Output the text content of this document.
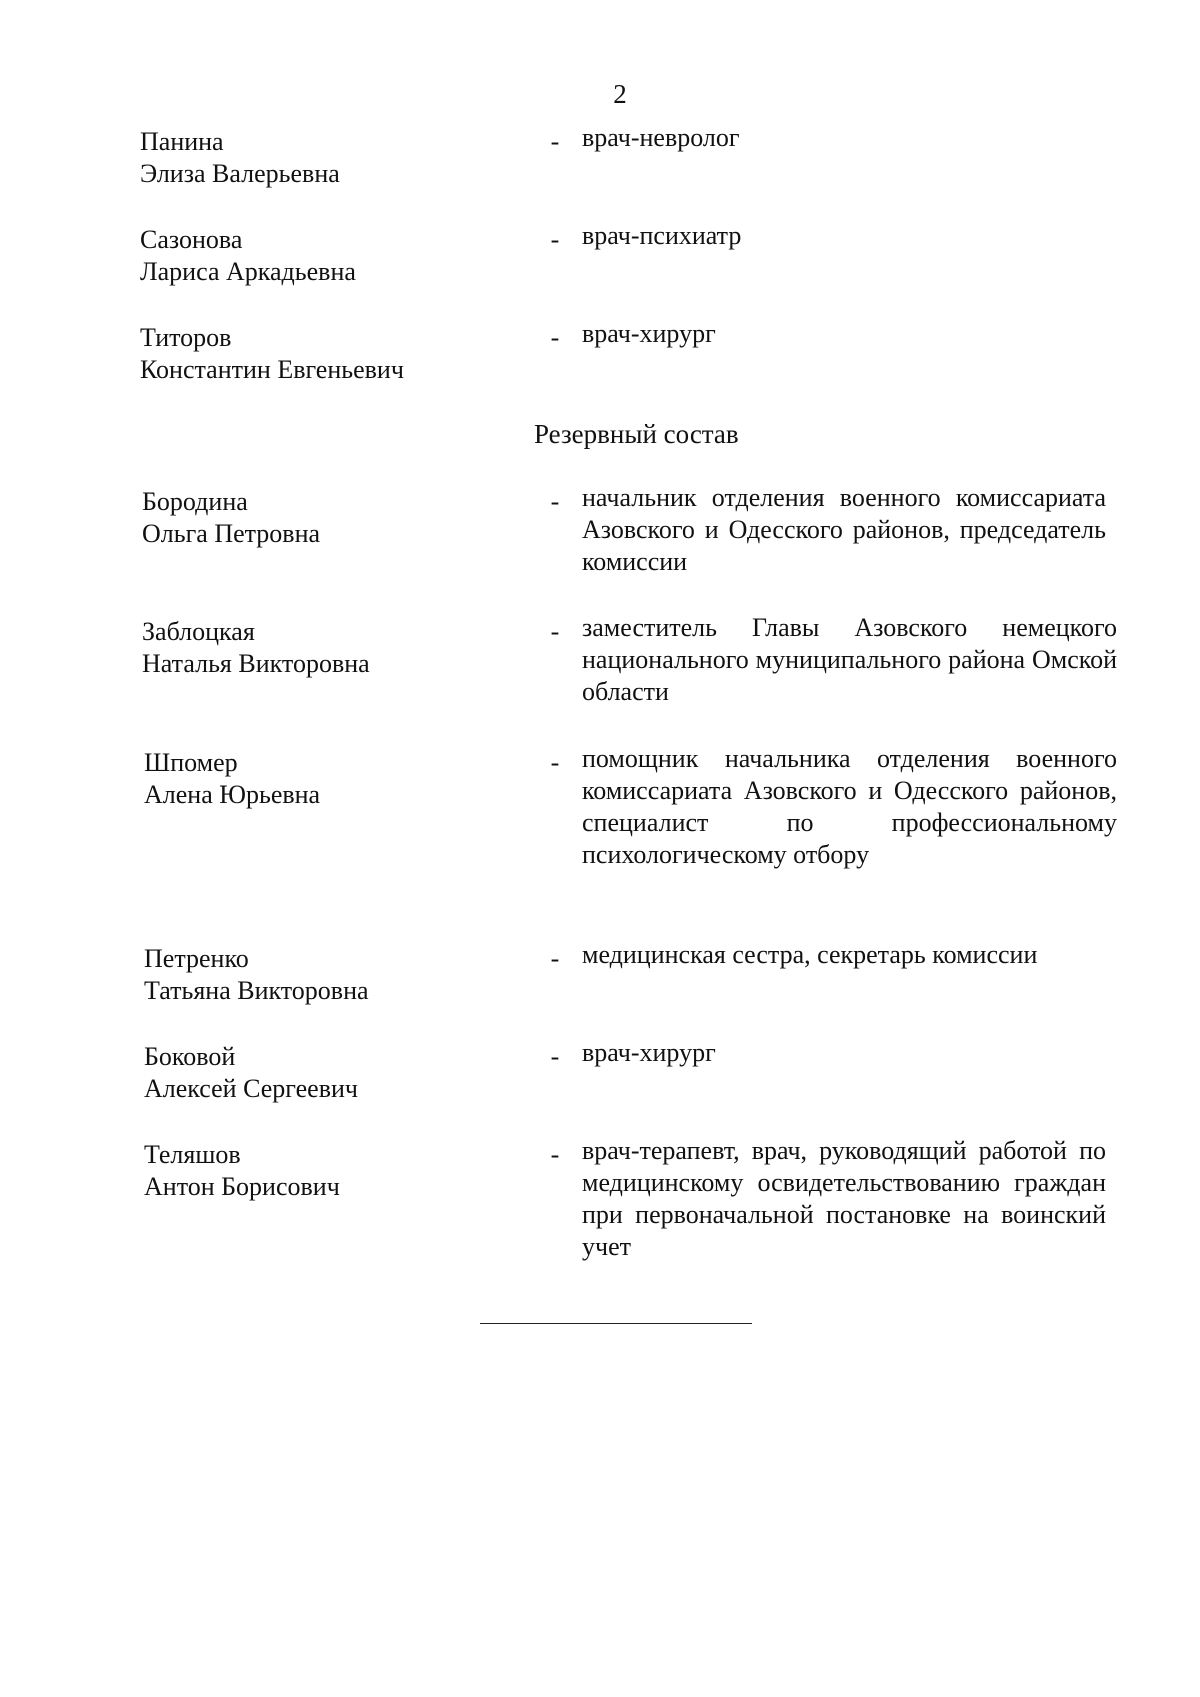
2
Панина
Элиза Валерьевна
- врач-невролог
Сазонова
Лариса Аркадьевна
- врач-психиатр
Титоров
Константин Евгеньевич
- врач-хирург
Резервный состав
Бородина
Ольга Петровна
- начальник отделения военного комиссариата Азовского и Одесского районов, председатель комиссии
Заблоцкая
Наталья Викторовна
- заместитель Главы Азовского немецкого национального муниципального района Омской области
Шпомер
Алена Юрьевна
- помощник начальника отделения военного комиссариата Азовского и Одесского районов, специалист по профессиональному психологическому отбору
Петренко
Татьяна Викторовна
- медицинская сестра, секретарь комиссии
Боковой
Алексей Сергеевич
- врач-хирург
Теляшов
Антон Борисович
- врач-терапевт, врач, руководящий работой по медицинскому освидетельствованию граждан при первоначальной постановке на воинский учет
